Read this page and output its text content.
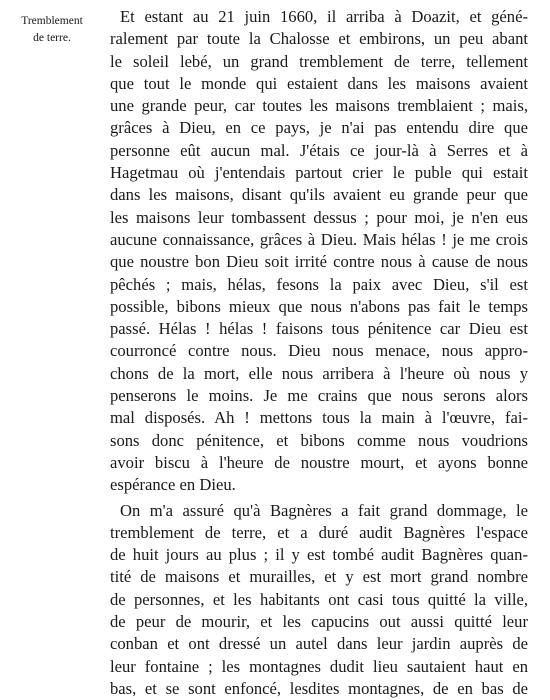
Tremblement
de terre.
Et estant au 21 juin 1660, il arriba à Doazit, et géné-
ralement par toute la Chalosse et embirons, un peu abant
le soleil lebé, un grand tremblement de terre, tellement
que tout le monde qui estaient dans les maisons avaient
une grande peur, car toutes les maisons tremblaient ; mais,
grâces à Dieu, en ce pays, je n'ai pas entendu dire que
personne eût aucun mal. J'étais ce jour-là à Serres et à
Hagetmau où j'entendais partout crier le puble qui estait
dans les maisons, disant qu'ils avaient eu grande peur que
les maisons leur tombassent dessus ; pour moi, je n'en eus
aucune connaissance, grâces à Dieu. Mais hélas ! je me crois
que noustre bon Dieu soit irrité contre nous à cause de nous
pêchés ; mais, hélas, fesons la paix avec Dieu, s'il est
possible, bibons mieux que nous n'abons pas fait le temps
passé. Hélas ! hélas ! faisons tous pénitence car Dieu est
courroncé contre nous. Dieu nous menace, nous appro-
chons de la mort, elle nous arribera à l'heure où nous y
penserons le moins. Je me crains que nous serons alors
mal disposés. Ah ! mettons tous la main à l'œuvre, fai-
sons donc pénitence, et bibons comme nous voudrions
avoir biscu à l'heure de noustre mourt, et ayons bonne
espérance en Dieu.
On m'a assuré qu'à Bagnères a fait grand dommage, le
tremblement de terre, et a duré audit Bagnères l'espace
de huit jours au plus ; il y est tombé audit Bagnères quan-
tité de maisons et murailles, et y est mort grand nombre
de personnes, et les habitants ont casi tous quitté la ville,
de peur de mourir, et les capucins out aussi quitté leur
conban et ont dressé un autel dans leur jardin auprès de
leur fontaine ; les montagnes dudit lieu sautaient haut en
bas, et se sont enfoncé, lesdites montagnes, de en bas de
